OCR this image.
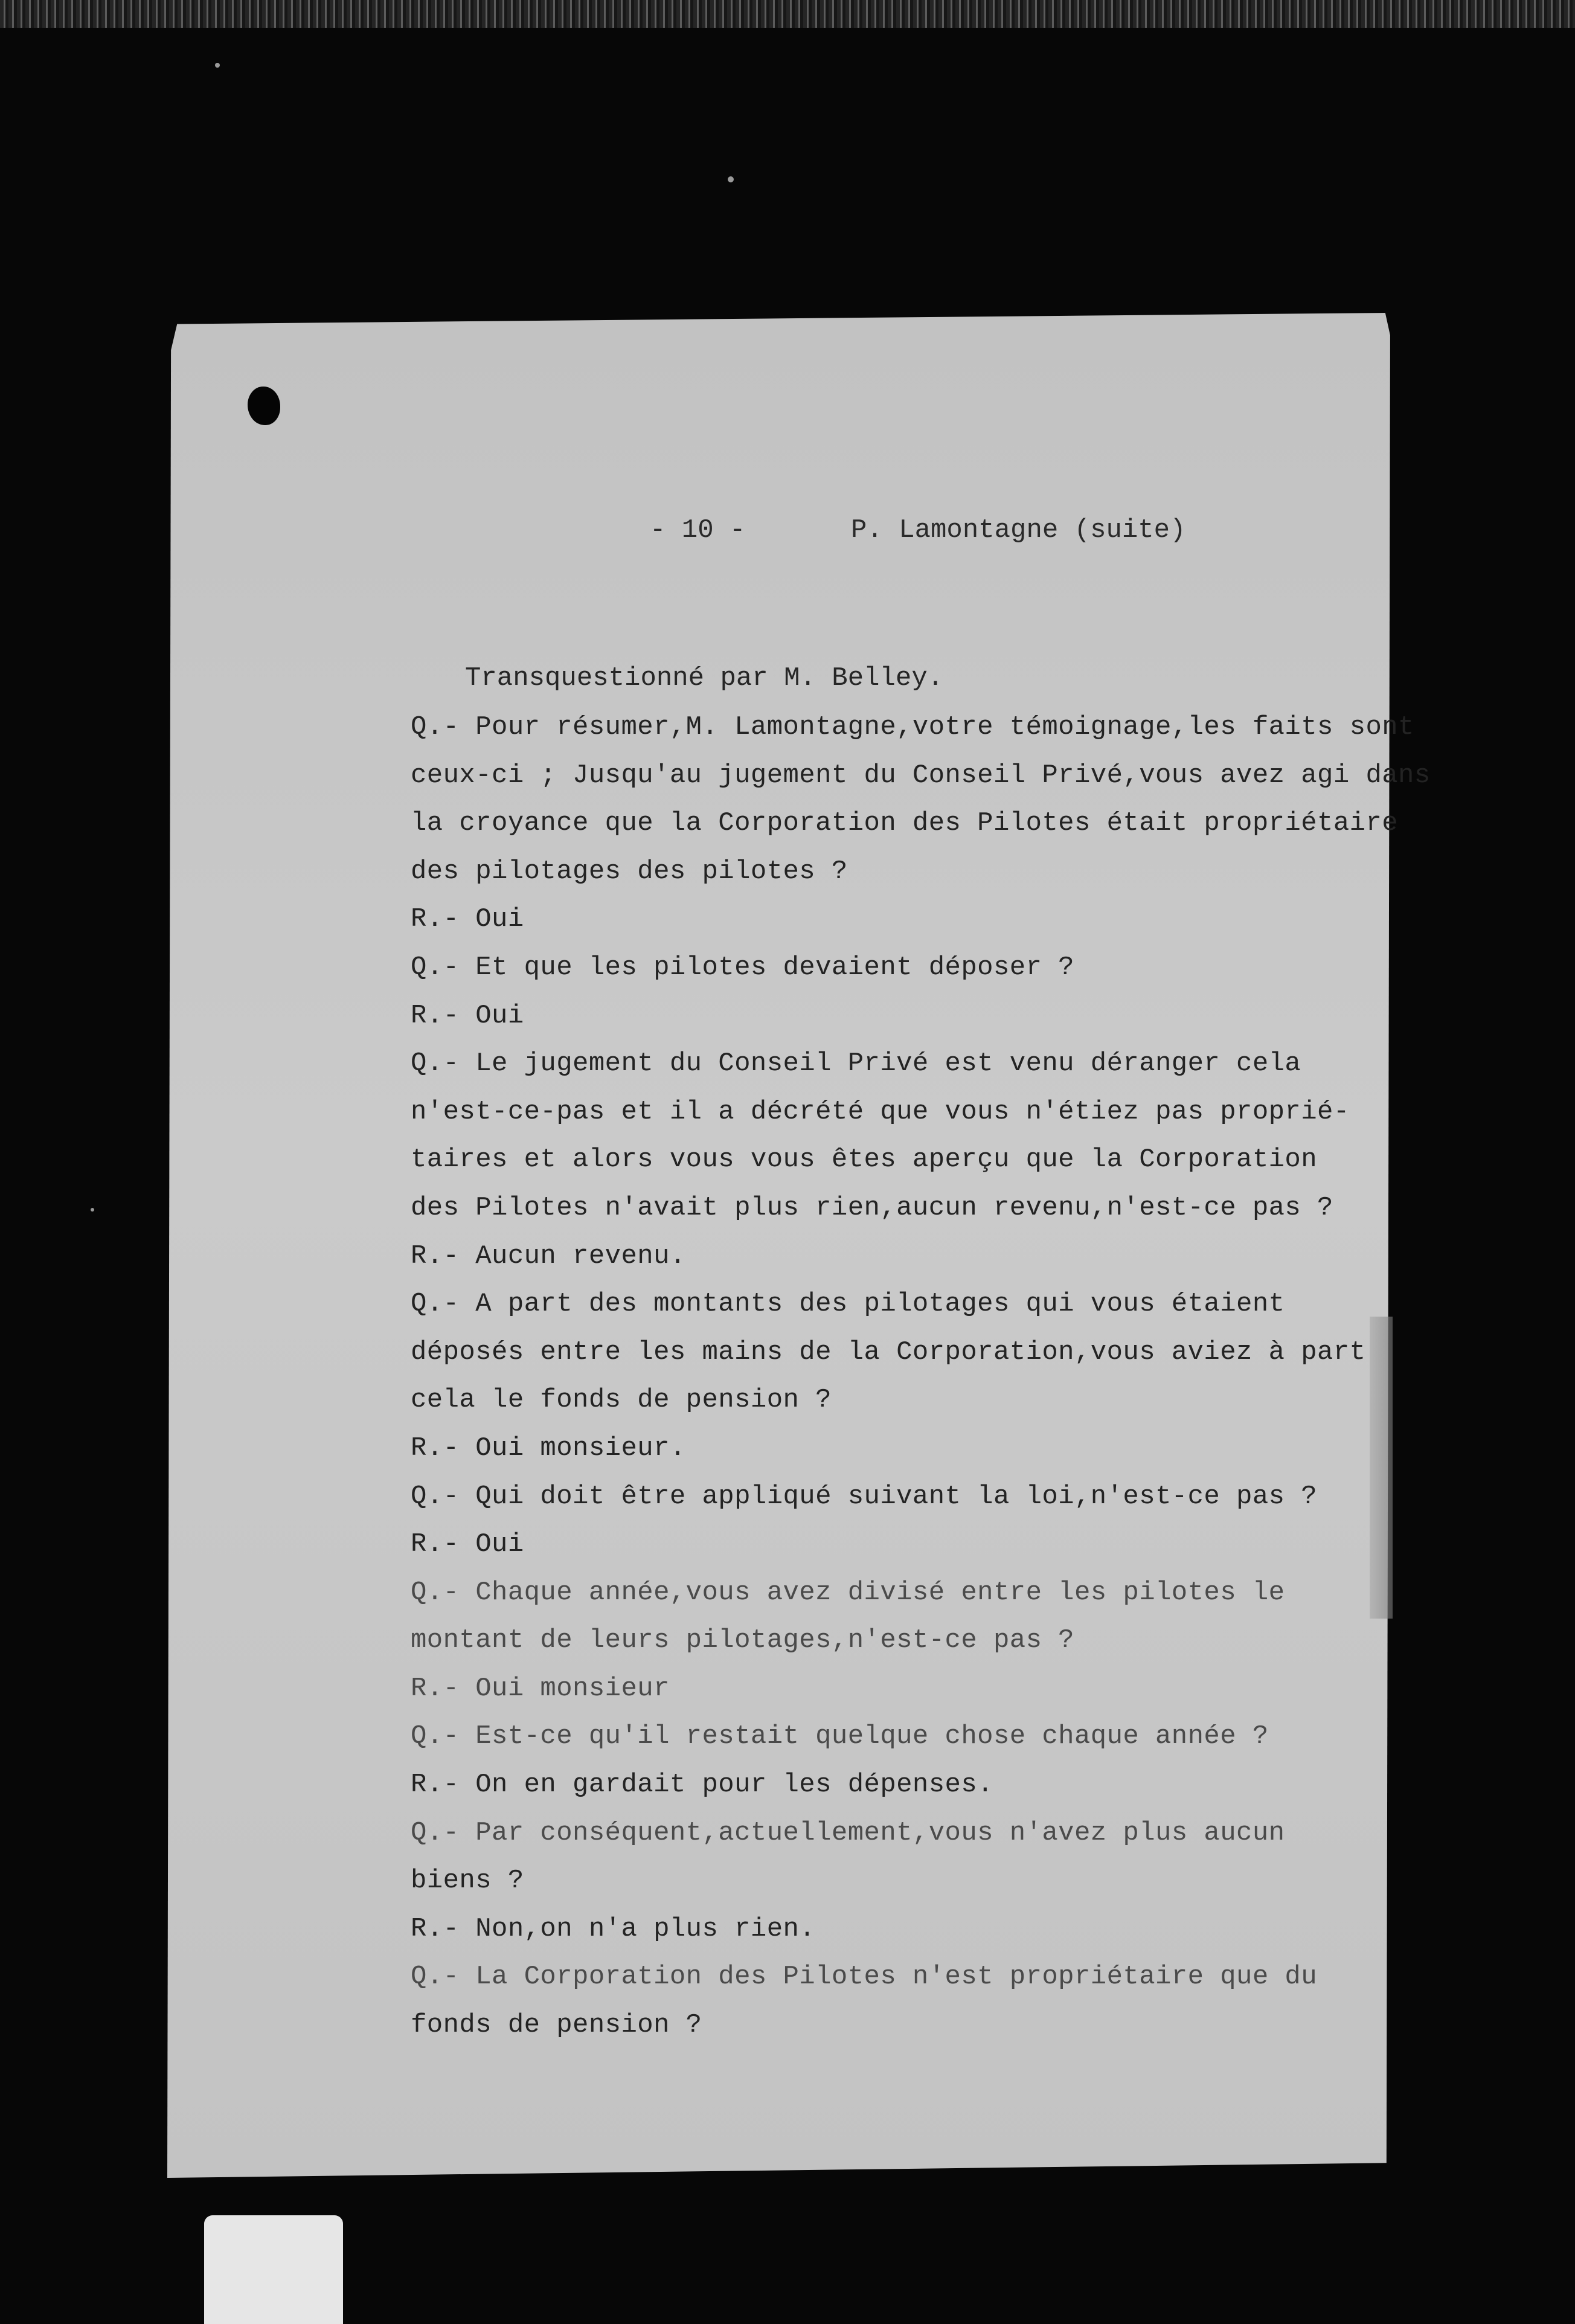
- 10 -

	P. Lamontagne (suite)

Transquestionné par M. Belley.
Q.- Pour résumer,M. Lamontagne,votre témoignage,les faits sont
ceux-ci ; Jusqu'au jugement du Conseil Privé,vous avez agi dans
la croyance que la Corporation des Pilotes était propriétaire
des pilotages des pilotes ?
R.- Oui
Q.- Et que les pilotes devaient déposer ?
R.- Oui
Q.- Le jugement du Conseil Privé est venu déranger cela
n'est-ce-pas et il a décrété que vous n'étiez pas proprié-
taires et alors vous vous êtes aperçu que la Corporation
des Pilotes n'avait plus rien,aucun revenu,n'est-ce pas ?
R.- Aucun revenu.
Q.- A part des montants des pilotages qui vous étaient
déposés entre les mains de la Corporation,vous aviez à part
cela le fonds de pension ?
R.- Oui monsieur.
Q.- Qui doit être appliqué suivant la loi,n'est-ce pas ?
R.- Oui
Q.- Chaque année,vous avez divisé entre les pilotes le
montant de leurs pilotages,n'est-ce pas ?
R.- Oui monsieur
Q.- Est-ce qu'il restait quelque chose chaque année ?
R.- On en gardait pour les dépenses.
Q.- Par conséquent,actuellement,vous n'avez plus aucun
biens ?
R.- Non,on n'a plus rien.
Q.- La Corporation des Pilotes n'est propriétaire que du
fonds de pension ?
